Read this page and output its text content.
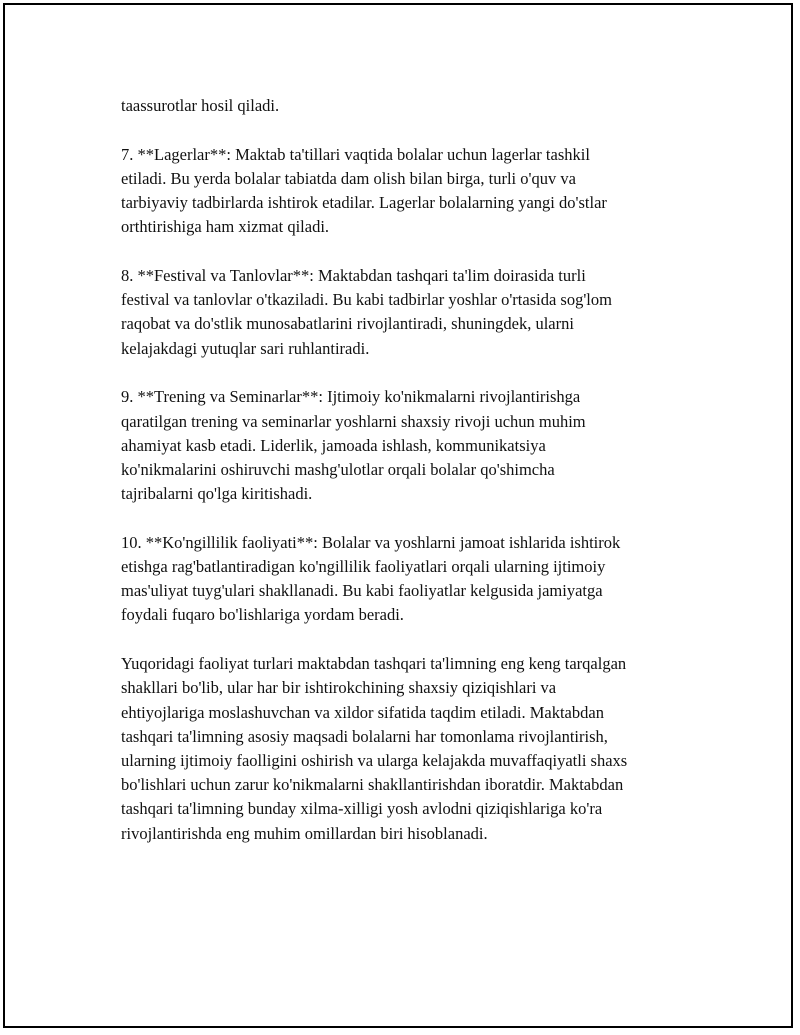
taassurotlar hosil qiladi.

7. **Lagerlar**: Maktab ta'tillari vaqtida bolalar uchun lagerlar tashkil
etiladi. Bu yerda bolalar tabiatda dam olish bilan birga, turli o'quv va
tarbiyaviy tadbirlarda ishtirok etadilar. Lagerlar bolalarning yangi do'stlar
orthtirishiga ham xizmat qiladi.

8. **Festival va Tanlovlar**: Maktabdan tashqari ta'lim doirasida turli
festival va tanlovlar o'tkaziladi. Bu kabi tadbirlar yoshlar o'rtasida sog'lom
raqobat va do'stlik munosabatlarini rivojlantiradi, shuningdek, ularni
kelajakdagi yutuqlar sari ruhlantiradi.

9. **Trening va Seminarlar**: Ijtimoiy ko'nikmalarni rivojlantirishga
qaratilgan trening va seminarlar yoshlarni shaxsiy rivoji uchun muhim
ahamiyat kasb etadi. Liderlik, jamoada ishlash, kommunikatsiya
ko'nikmalarini oshiruvchi mashg'ulotlar orqali bolalar qo'shimcha
tajribalarni qo'lga kiritishadi.

10. **Ko'ngillilik faoliyati**: Bolalar va yoshlarni jamoat ishlarida ishtirok
etishga rag'batlantiradigan ko'ngillilik faoliyatlari orqali ularning ijtimoiy
mas'uliyat tuyg'ulari shakllanadi. Bu kabi faoliyatlar kelgusida jamiyatga
foydali fuqaro bo'lishlariga yordam beradi.

Yuqoridagi faoliyat turlari maktabdan tashqari ta'limning eng keng tarqalgan
shakllari bo'lib, ular har bir ishtirokchining shaxsiy qiziqishlari va
ehtiyojlariga moslashuvchan va xildor sifatida taqdim etiladi. Maktabdan
tashqari ta'limning asosiy maqsadi bolalarni har tomonlama rivojlantirish,
ularning ijtimoiy faolligini oshirish va ularga kelajakda muvaffaqiyatli shaxs
bo'lishlari uchun zarur ko'nikmalarni shakllantirishdan iboratdir. Maktabdan
tashqari ta'limning bunday xilma-xilligi yosh avlodni qiziqishlariga ko'ra
rivojlantirishda eng muhim omillardan biri hisoblanadi.
